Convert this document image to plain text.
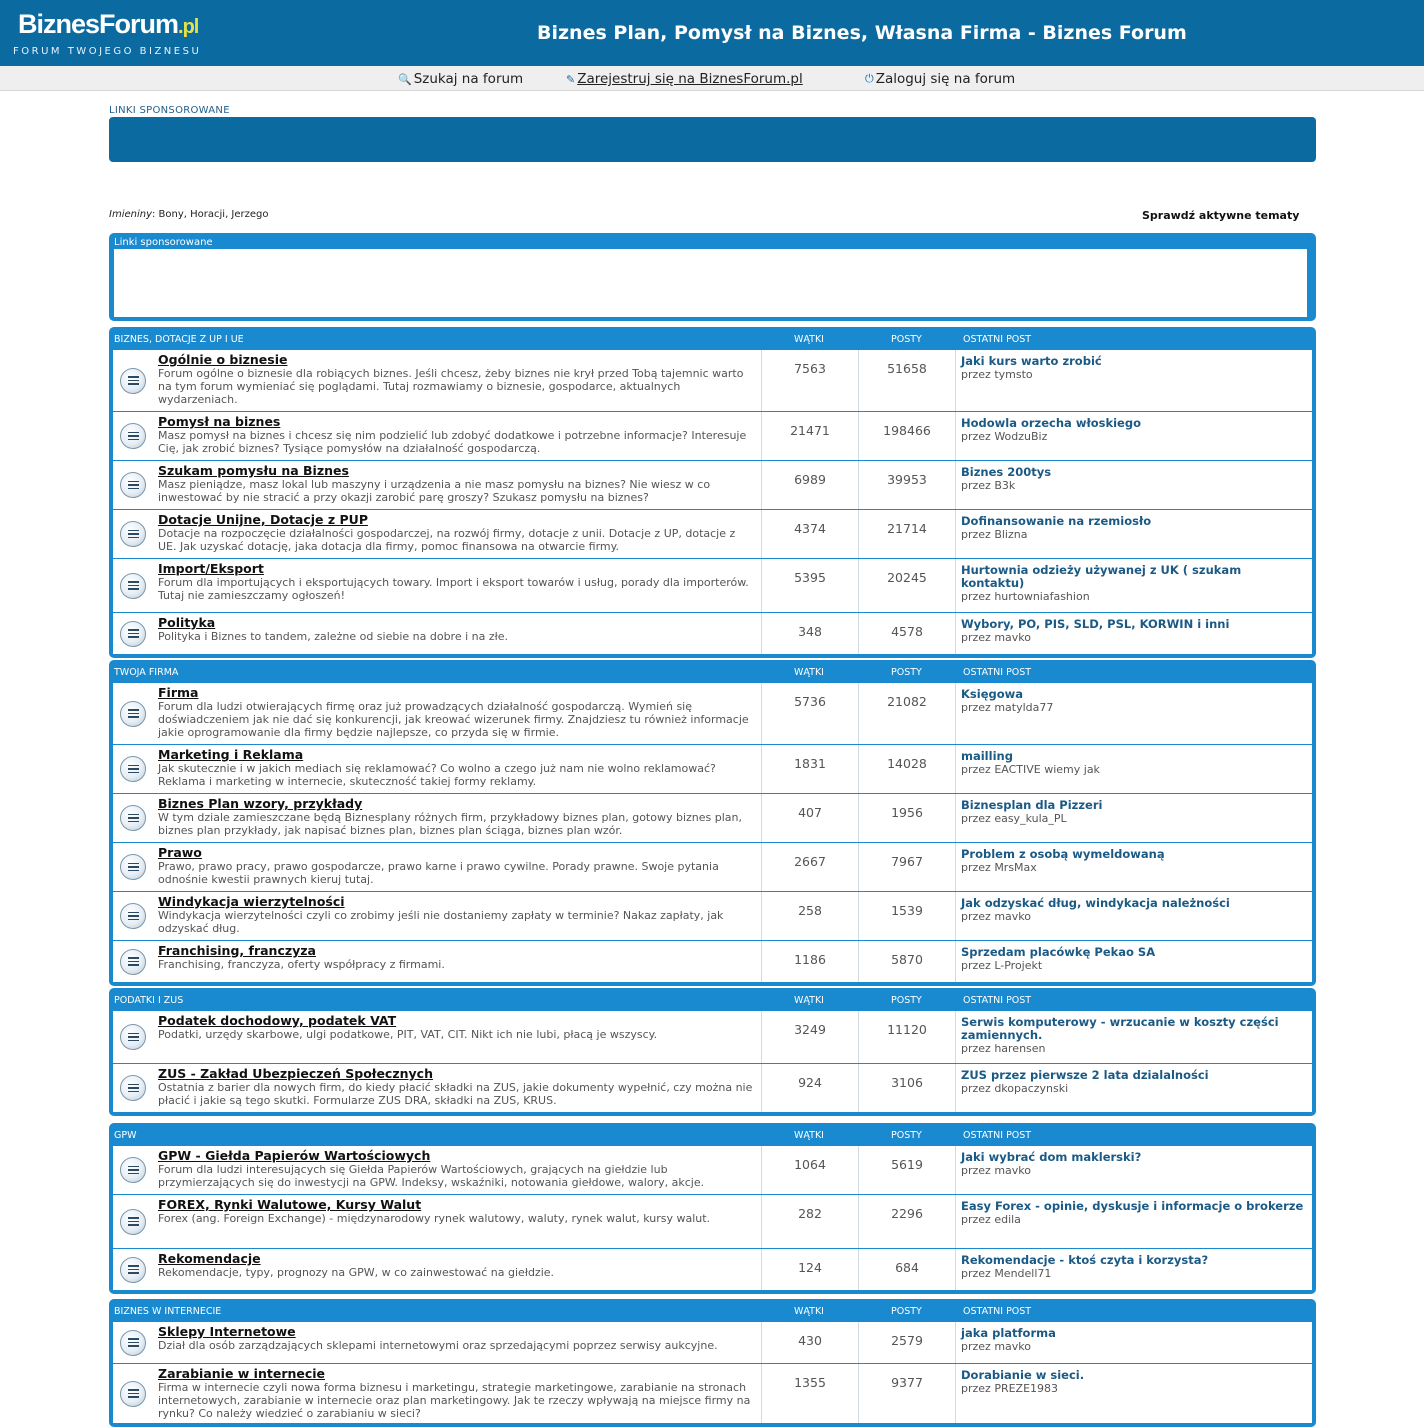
BiznesForum.pl
FORUM TWOJEGO BIZNESU
Biznes Plan, Pomysł na Biznes, Własna Firma - Biznes Forum
🔍 Szukaj na forum	✎ Zarejestruj się na BiznesForum.pl	⏻ Zaloguj się na forum
LINKI SPONSOROWANE
Imieniny: Bony, Horacji, Jerzego	Sprawdź aktywne tematy
Linki sponsorowane
BIZNES, DOTACJE Z UP I UE	WĄTKI	POSTY	OSTATNI POST
Ogólnie o biznesie
Forum ogólne o biznesie dla robiących biznes. Jeśli chcesz, żeby biznes nie krył przed Tobą tajemnic warto na tym forum wymieniać się poglądami. Tutaj rozmawiamy o biznesie, gospodarce, aktualnych wydarzeniach.
7563	51658	Jaki kurs warto zrobić
przez tymsto
Pomysł na biznes
Masz pomysł na biznes i chcesz się nim podzielić lub zdobyć dodatkowe i potrzebne informacje? Interesuje Cię, jak zrobić biznes? Tysiące pomysłów na działalność gospodarczą.
21471	198466	Hodowla orzecha włoskiego
przez WodzuBiz
Szukam pomysłu na Biznes
Masz pieniądze, masz lokal lub maszyny i urządzenia a nie masz pomysłu na biznes? Nie wiesz w co inwestować by nie stracić a przy okazji zarobić parę groszy? Szukasz pomysłu na biznes?
6989	39953	Biznes 200tys
przez B3k
Dotacje Unijne, Dotacje z PUP
Dotacje na rozpoczęcie działalności gospodarczej, na rozwój firmy, dotacje z unii. Dotacje z UP, dotacje z UE. Jak uzyskać dotację, jaka dotacja dla firmy, pomoc finansowa na otwarcie firmy.
4374	21714	Dofinansowanie na rzemiosło
przez Blizna
Import/Eksport
Forum dla importujących i eksportujących towary. Import i eksport towarów i usług, porady dla importerów. Tutaj nie zamieszczamy ogłoszeń!
5395	20245	Hurtownia odzieży używanej z UK ( szukam kontaktu)
przez hurtowniafashion
Polityka
Polityka i Biznes to tandem, zależne od siebie na dobre i na złe.	348	4578	Wybory, PO, PIS, SLD, PSL, KORWIN i inni
przez mavko
TWOJA FIRMA	WĄTKI	POSTY	OSTATNI POST
Firma
Forum dla ludzi otwierających firmę oraz już prowadzących działalność gospodarczą. Wymień się doświadczeniem jak nie dać się konkurencji, jak kreować wizerunek firmy. Znajdziesz tu również informacje jakie oprogramowanie dla firmy będzie najlepsze, co przyda się w firmie.
5736	21082	Księgowa
przez matylda77
Marketing i Reklama
Jak skutecznie i w jakich mediach się reklamować? Co wolno a czego już nam nie wolno reklamować? Reklama i marketing w internecie, skuteczność takiej formy reklamy.
1831	14028	mailling
przez EACTIVE wiemy jak
Biznes Plan wzory, przykłady
W tym dziale zamieszczane będą Biznesplany różnych firm, przykładowy biznes plan, gotowy biznes plan, biznes plan przykłady, jak napisać biznes plan, biznes plan ściąga, biznes plan wzór.
407	1956	Biznesplan dla Pizzeri
przez easy_kula_PL
Prawo
Prawo, prawo pracy, prawo gospodarcze, prawo karne i prawo cywilne. Porady prawne. Swoje pytania odnośnie kwestii prawnych kieruj tutaj.
2667	7967	Problem z osobą wymeldowaną
przez MrsMax
Windykacja wierzytelności
Windykacja wierzytelności czyli co zrobimy jeśli nie dostaniemy zapłaty w terminie? Nakaz zapłaty, jak odzyskać dług.
258	1539	Jak odzyskać dług, windykacja należności
przez mavko
Franchising, franczyza
Franchising, franczyza, oferty współpracy z firmami.	1186	5870	Sprzedam placówkę Pekao SA
przez L-Projekt
PODATKI I ZUS	WĄTKI	POSTY	OSTATNI POST
Podatek dochodowy, podatek VAT
Podatki, urzędy skarbowe, ulgi podatkowe, PIT, VAT, CIT. Nikt ich nie lubi, płacą je wszyscy.	3249	11120	Serwis komputerowy - wrzucanie w koszty części zamiennych.
przez harensen
ZUS - Zakład Ubezpieczeń Społecznych
Ostatnia z barier dla nowych firm, do kiedy płacić składki na ZUS, jakie dokumenty wypełnić, czy można nie płacić i jakie są tego skutki. Formularze ZUS DRA, składki na ZUS, KRUS.
924	3106	ZUS przez pierwsze 2 lata dzialalności
przez dkopaczynski
GPW	WĄTKI	POSTY	OSTATNI POST
GPW - Giełda Papierów Wartościowych
Forum dla ludzi interesujących się Giełda Papierów Wartościowych, grających na giełdzie lub przymierzających się do inwestycji na GPW. Indeksy, wskaźniki, notowania giełdowe, walory, akcje.
1064	5619	Jaki wybrać dom maklerski?
przez mavko
FOREX, Rynki Walutowe, Kursy Walut
Forex (ang. Foreign Exchange) - międzynarodowy rynek walutowy, waluty, rynek walut, kursy walut.	282	2296	Easy Forex - opinie, dyskusje i informacje o brokerze
przez edila
Rekomendacje
Rekomendacje, typy, prognozy na GPW, w co zainwestować na giełdzie.	124	684	Rekomendacje - ktoś czyta i korzysta?
przez Mendell71
BIZNES W INTERNECIE	WĄTKI	POSTY	OSTATNI POST
Sklepy Internetowe
Dział dla osób zarządzających sklepami internetowymi oraz sprzedającymi poprzez serwisy aukcyjne.	430	2579	jaka platforma
przez mavko
Zarabianie w internecie
Firma w internecie czyli nowa forma biznesu i marketingu, strategie marketingowe, zarabianie na stronach internetowych, zarabianie w internecie oraz plan marketingowy. Jak te rzeczy wpływają na miejsce firmy na rynku? Co należy wiedzieć o zarabianiu w sieci?
1355	9377	Dorabianie w sieci.
przez PREZE1983
